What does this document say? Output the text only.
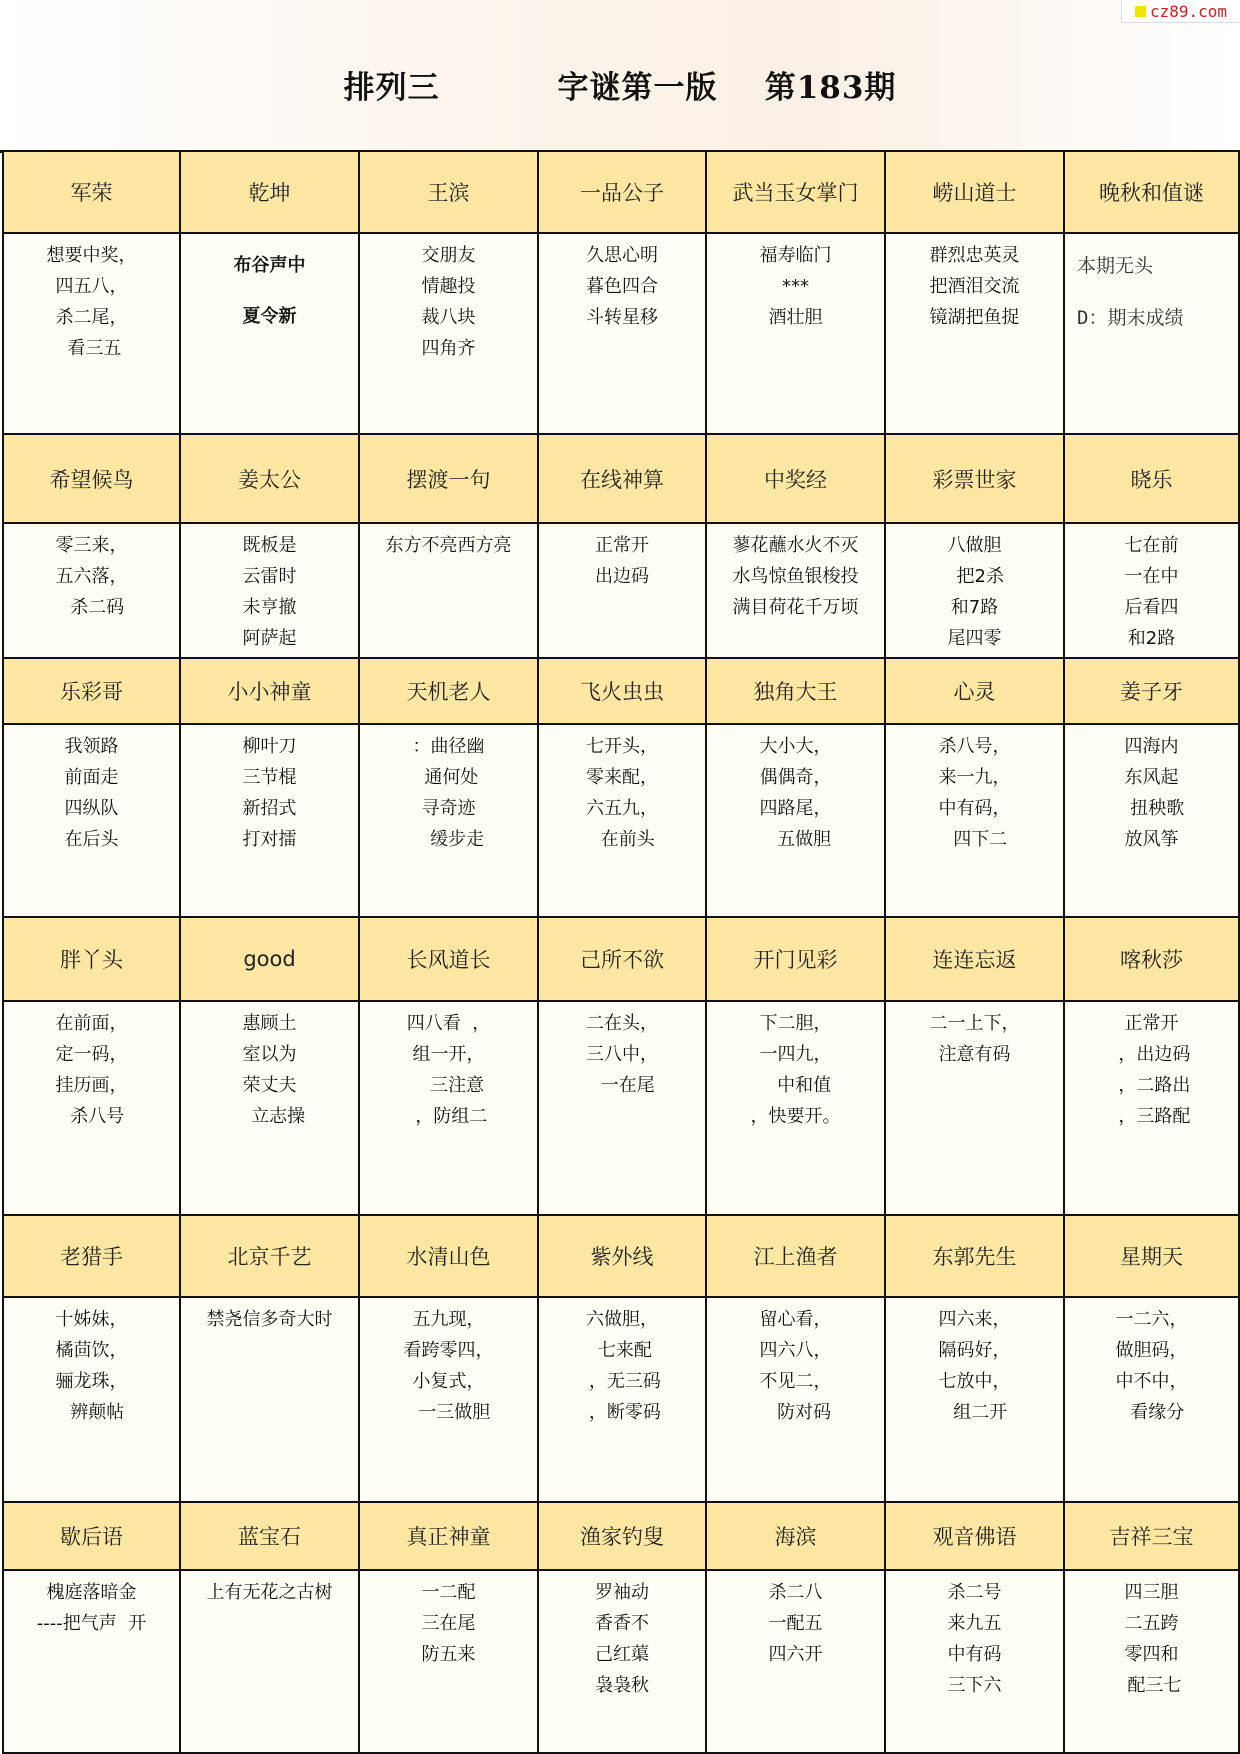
排列三          字谜第一版    第183期
cz89.com
军荣	乾坤	王滨	一品公子	武当玉女掌门	崂山道士	晚秋和值谜

想要中奖，
四五八，
杀二尾，
看三五	布谷声中
夏令新	交朋友
情趣投
裁八块
四角齐	久思心明
暮色四合
斗转星移	福寿临门
***
酒壮胆	群烈忠英灵
把酒泪交流
镜湖把鱼捉	本期无头
D：期末成绩

希望候鸟	姜太公	摆渡一句	在线神算	中奖经	彩票世家	晓乐

零三来，
五六落，
杀二码	既板是
云雷时
未亨撤
阿萨起	东方不亮西方亮	正常开
出边码	蓼花蘸水火不灭
水鸟惊鱼银梭投
满目荷花千万顷	八做胆
把2杀
和7路
尾四零	七在前
一在中
后看四
和2路

乐彩哥	小小神童	天机老人	飞火虫虫	独角大王	心灵	姜子牙

我领路
前面走
四纵队
在后头	柳叶刀
三节棍
新招式
打对擂	：曲径幽
通何处
寻奇迹
缓步走	七开头，
零来配，
六五九，
在前头	大小大，
偶偶奇，
四路尾，
五做胆	杀八号，
来一九，
中有码，
四下二	四海内
东风起
扭秧歌
放风筝

胖丫头	good	长风道长	己所不欲	开门见彩	连连忘返	喀秋莎

在前面，
定一码，
挂历画，
杀八号	惠顾土
室以为
荣丈夫
立志操	四八看  ，
组一开，
三注意
，防组二	二在头，
三八中，
一在尾	下二胆，
一四九，
中和值
，快要开。	二一上下，
注意有码	正常开
，出边码
，二路出
，三路配

老猎手	北京千艺	水清山色	紫外线	江上渔者	东郭先生	星期天

十姊妹，
橘茴饮，
骊龙珠，
辨颠帖	禁尧信多奇大时	五九现，
看跨零四，
小复式，
一三做胆	六做胆，
七来配
，无三码
，断零码	留心看，
四六八，
不见二，
防对码	四六来，
隔码好，
七放中，
组二开	一二六，
做胆码，
中不中，
看缘分

歇后语	蓝宝石	真正神童	渔家钓叟	海滨	观音佛语	吉祥三宝

槐庭落暗金
----把气声  开	上有无花之古树	一二配
三在尾
防五来	罗袖动
香香不
己红蕖
袅袅秋	杀二八
一配五
四六开	杀二号
来九五
中有码
三下六	四三胆
二五跨
零四和
配三七
